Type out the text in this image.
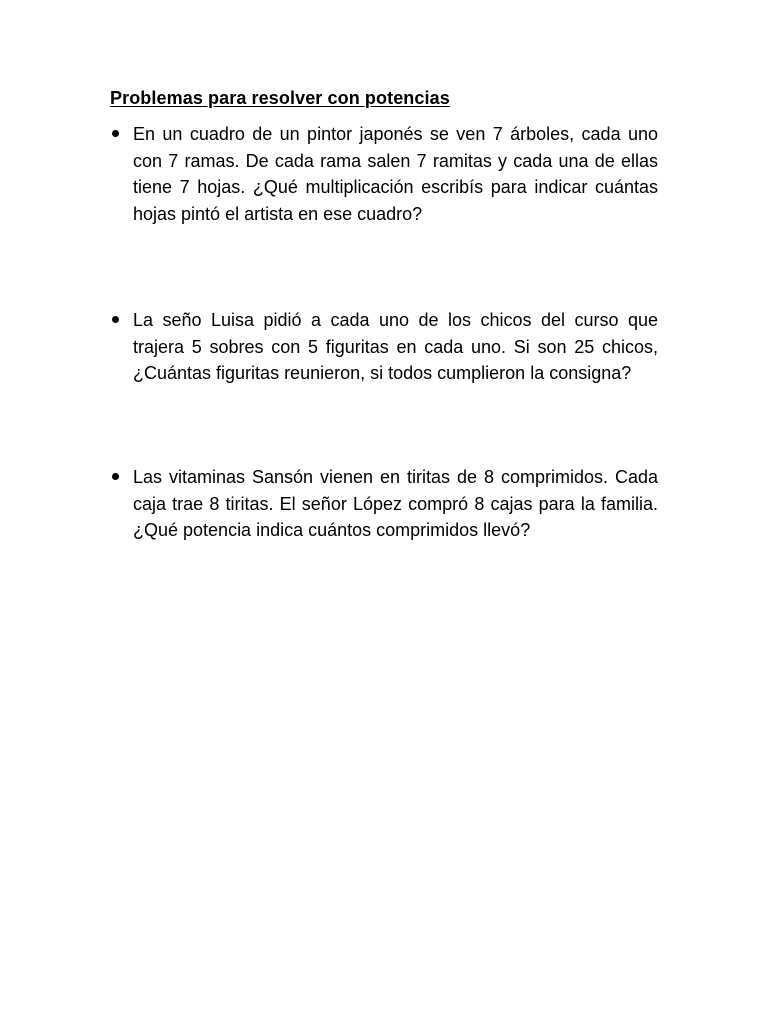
Problemas para resolver con potencias

En un cuadro de un pintor japonés se ven 7 árboles, cada uno con 7 ramas. De cada rama salen 7 ramitas y cada una de ellas tiene 7 hojas. ¿Qué multiplicación escribís para indicar cuántas hojas pintó el artista en ese cuadro?

La seño Luisa pidió a cada uno de los chicos del curso que trajera 5 sobres con 5 figuritas en cada uno. Si son 25 chicos, ¿Cuántas figuritas reunieron, si todos cumplieron la consigna?

Las vitaminas Sansón vienen en tiritas de 8 comprimidos. Cada caja trae 8 tiritas. El señor López compró 8 cajas para la familia. ¿Qué potencia indica cuántos comprimidos llevó?
